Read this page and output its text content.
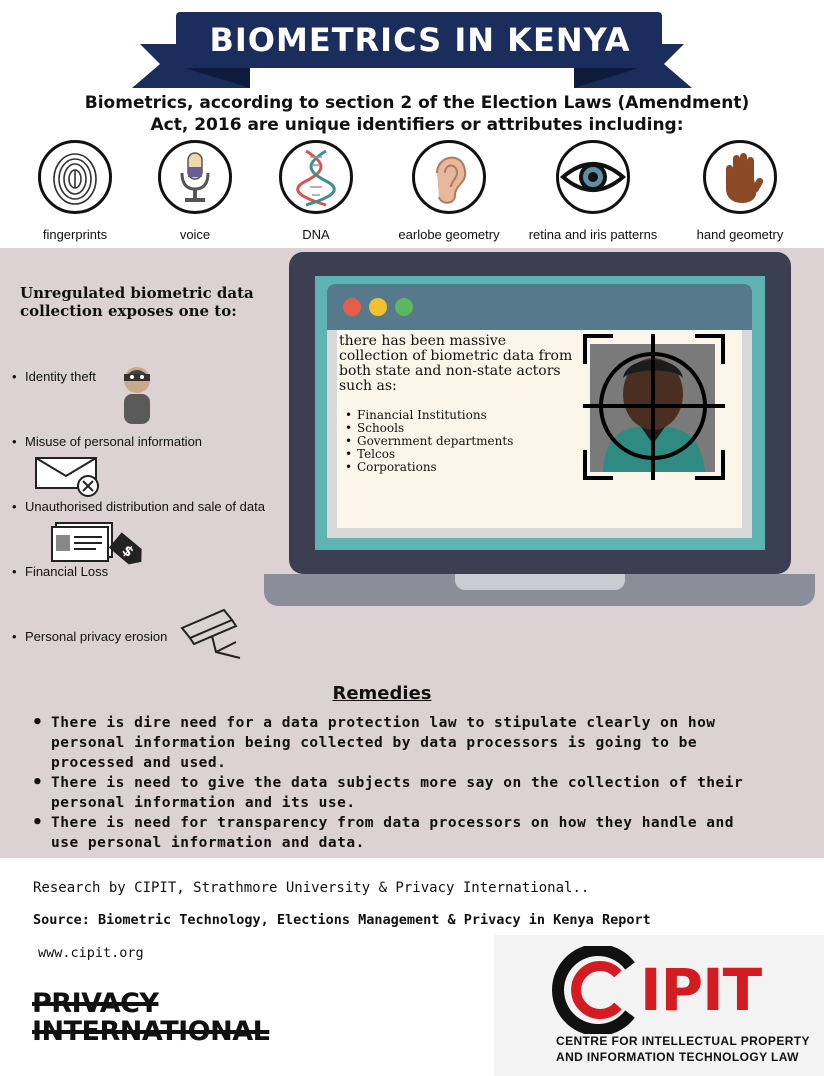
BIOMETRICS IN KENYA
Biometrics, according to section 2 of the Election Laws (Amendment)
Act, 2016 are unique identifiers or attributes including:
fingerprints	voice	DNA	earlobe geometry	retina and iris patterns	hand geometry
Unregulated biometric data
collection exposes one to:
• Identity theft
• Misuse of personal information
• Unauthorised distribution and sale of data
$
• Financial Loss
• Personal privacy erosion

there has been massive collection of biometric data from both state and non-state actors such as:

• Financial Institutions
• Schools
• Government departments
• Telcos
• Corporations
Remedies
• There is dire need for a data protection law to stipulate clearly on how
personal information being collected by data processors is going to be
processed and used.
• There is need to give the data subjects more say on the collection of their
personal information and its use.
• There is need for transparency from data processors on how they handle and
use personal information and data.
Research by CIPIT, Strathmore University & Privacy International..
Source: Biometric Technology, Elections Management & Privacy in Kenya Report
www.cipit.org
PRIVACY
INTERNATIONAL
IPIT
CENTRE FOR INTELLECTUAL PROPERTY
AND INFORMATION TECHNOLOGY LAW
